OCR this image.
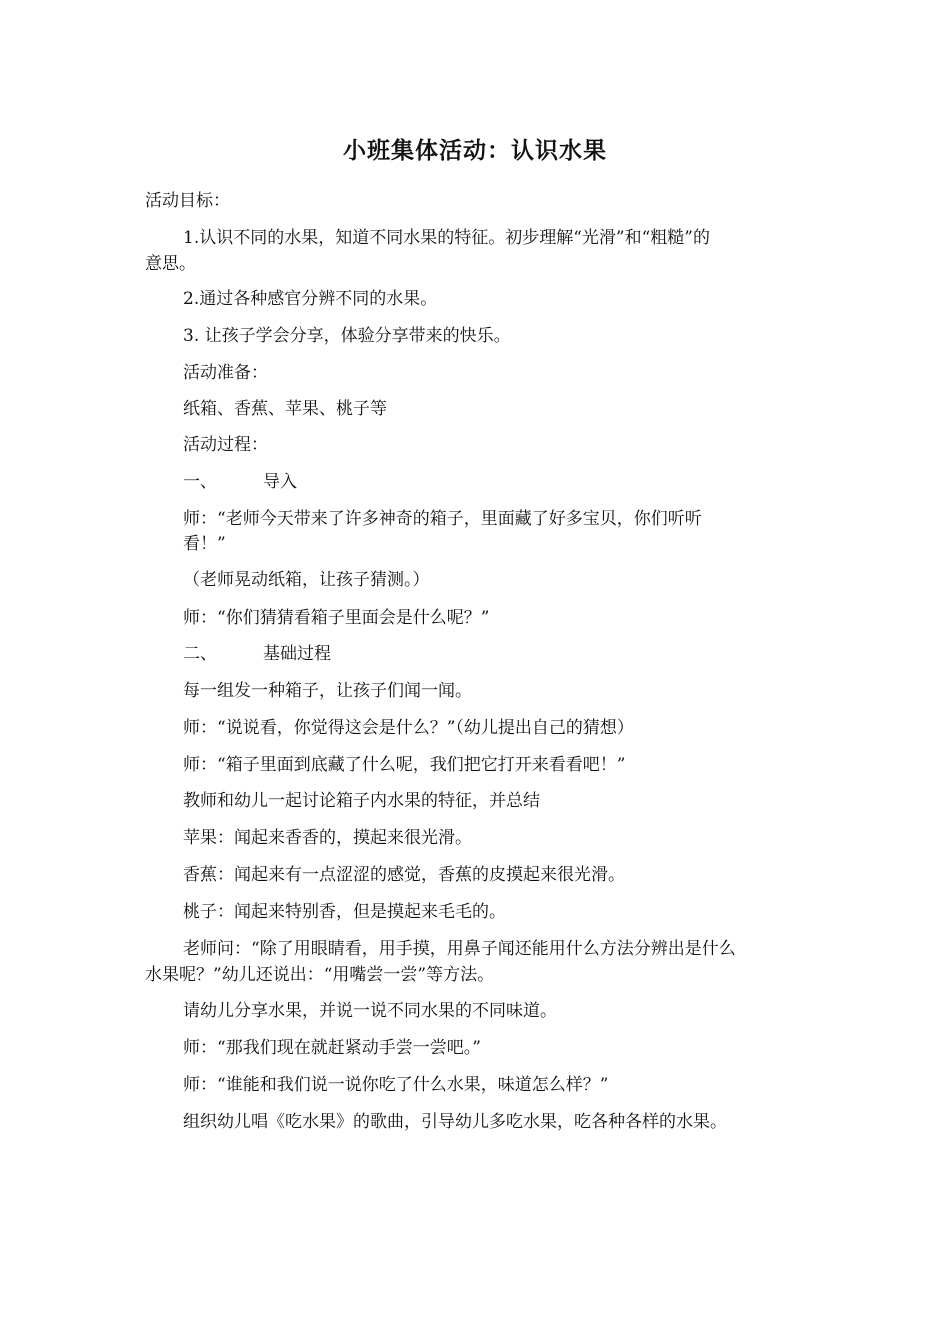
小班集体活动：认识水果
活动目标：
1.认识不同的水果，知道不同水果的特征。初步理解“光滑”和“粗糙”的
意思。
2.通过各种感官分辨不同的水果。
3. 让孩子学会分享，体验分享带来的快乐。
活动准备：
纸箱、香蕉、苹果、桃子等
活动过程：
一、	导入
师：“老师今天带来了许多神奇的箱子，里面藏了好多宝贝，你们听听
看！”
（老师晃动纸箱，让孩子猜测。）
师：“你们猜猜看箱子里面会是什么呢？”
二、	基础过程
每一组发一种箱子，让孩子们闻一闻。
师：“说说看，你觉得这会是什么？”（幼儿提出自己的猜想）
师：“箱子里面到底藏了什么呢，我们把它打开来看看吧！”
教师和幼儿一起讨论箱子内水果的特征，并总结
苹果：闻起来香香的，摸起来很光滑。
香蕉：闻起来有一点涩涩的感觉，香蕉的皮摸起来很光滑。
桃子：闻起来特别香，但是摸起来毛毛的。
老师问：“除了用眼睛看，用手摸，用鼻子闻还能用什么方法分辨出是什么
水果呢？”幼儿还说出：“用嘴尝一尝”等方法。
请幼儿分享水果，并说一说不同水果的不同味道。
师：“那我们现在就赶紧动手尝一尝吧。”
师：“谁能和我们说一说你吃了什么水果，味道怎么样？”
组织幼儿唱《吃水果》的歌曲，引导幼儿多吃水果，吃各种各样的水果。
